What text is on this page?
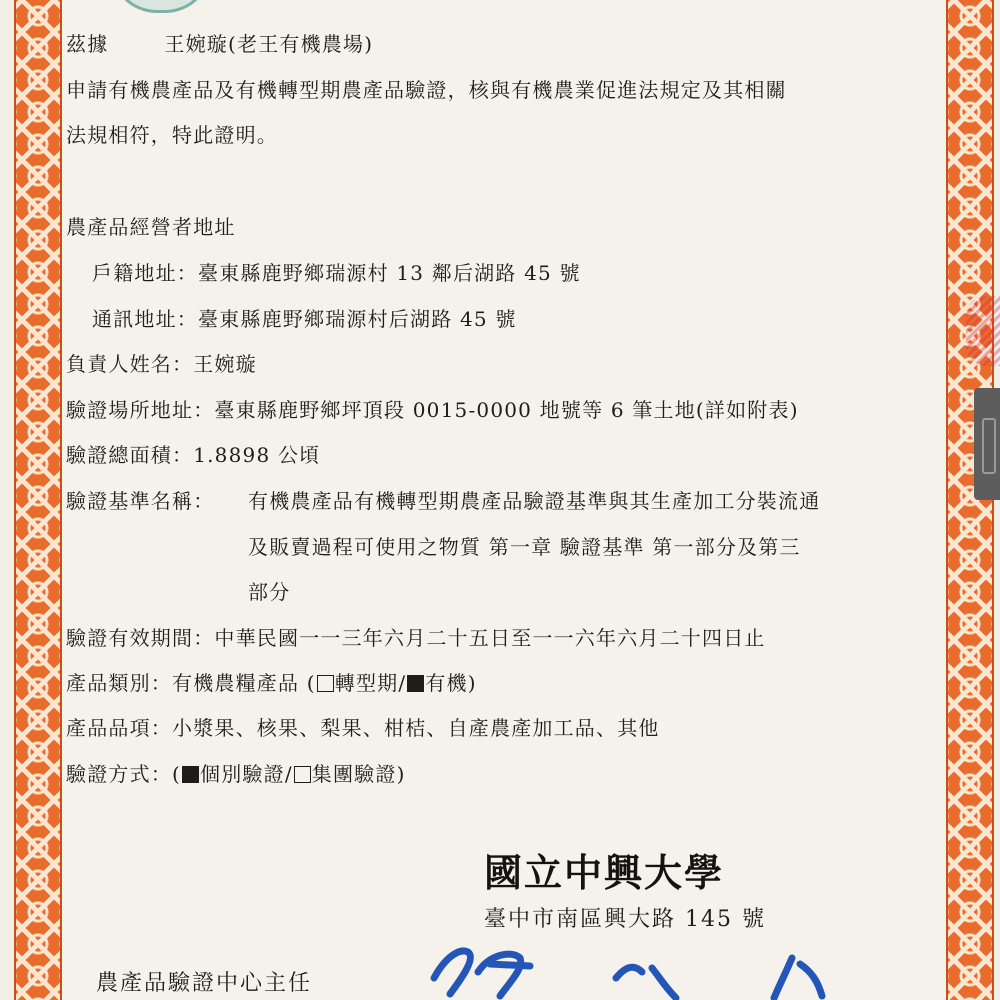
茲據	王婉璇(老王有機農場)
申請有機農產品及有機轉型期農產品驗證，核與有機農業促進法規定及其相關
法規相符，特此證明。
農產品經營者地址
戶籍地址：臺東縣鹿野鄉瑞源村 13 鄰后湖路 45 號
通訊地址：臺東縣鹿野鄉瑞源村后湖路 45 號
負責人姓名：王婉璇
驗證場所地址：臺東縣鹿野鄉坪頂段 0015-0000 地號等 6 筆土地(詳如附表)
驗證總面積：1.8898 公頃
驗證基準名稱： 有機農產品有機轉型期農產品驗證基準與其生產加工分裝流通
及販賣過程可使用之物質 第一章 驗證基準 第一部分及第三
部分
驗證有效期間：中華民國一一三年六月二十五日至一一六年六月二十四日止
產品類別：有機農糧產品 ( 轉型期/ 有機)
產品品項：小漿果、核果、梨果、柑桔、自產農產加工品、其他
驗證方式：( 個別驗證/ 集團驗證)
國立中興大學
臺中市南區興大路 145 號
農產品驗證中心主任
